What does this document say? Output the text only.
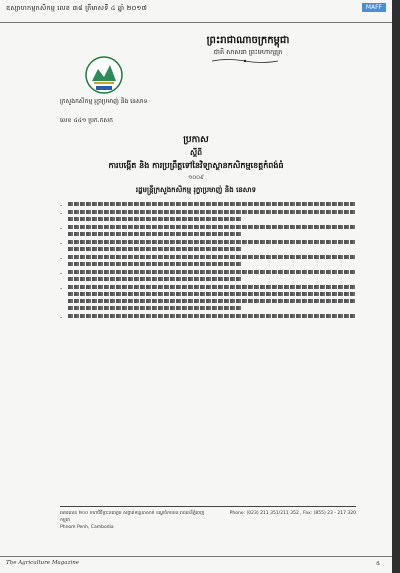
ឧស្សាហកម្មកសិកម្ម លេខ ៣៨ ត្រីមាសទី ៤ ឆ្នាំ ២០១៧	MAFF
ព្រះរាជាណាចក្រកម្ពុជា
ជាតិ សាសនា ព្រះមហាក្សត្រ
ក្រសួងកសិកម្ម រុក្ខាប្រមាញ់ និង នេសាទ
លេខ ៤៤១ ប្រក.កសក
ប្រកាស
ស្តីពី
ការបង្កើត និង ការប្រព្រឹត្តទៅនៃវិទ្យាស្ថានកសិកម្មខេត្តកំពង់ធំ
១០០៩
រដ្ឋមន្ត្រីក្រសួងកសិកម្ម រុក្ខាប្រមាញ់ និង នេសាទ
-
-
-
-
-
-
-
-
អគារលេខ ២០០ មហាវិថីព្រះនរោត្តម សង្កាត់ទន្លេបាសាក់ ខណ្ឌចំការមន រាជធានីភ្នំពេញ កម្ពុជា
Phnom Penh, Cambodia
Phone: (023) 211 351/211 352 , Fax: (855) 23 - 217 320
The Agriculture Magazine	៥
